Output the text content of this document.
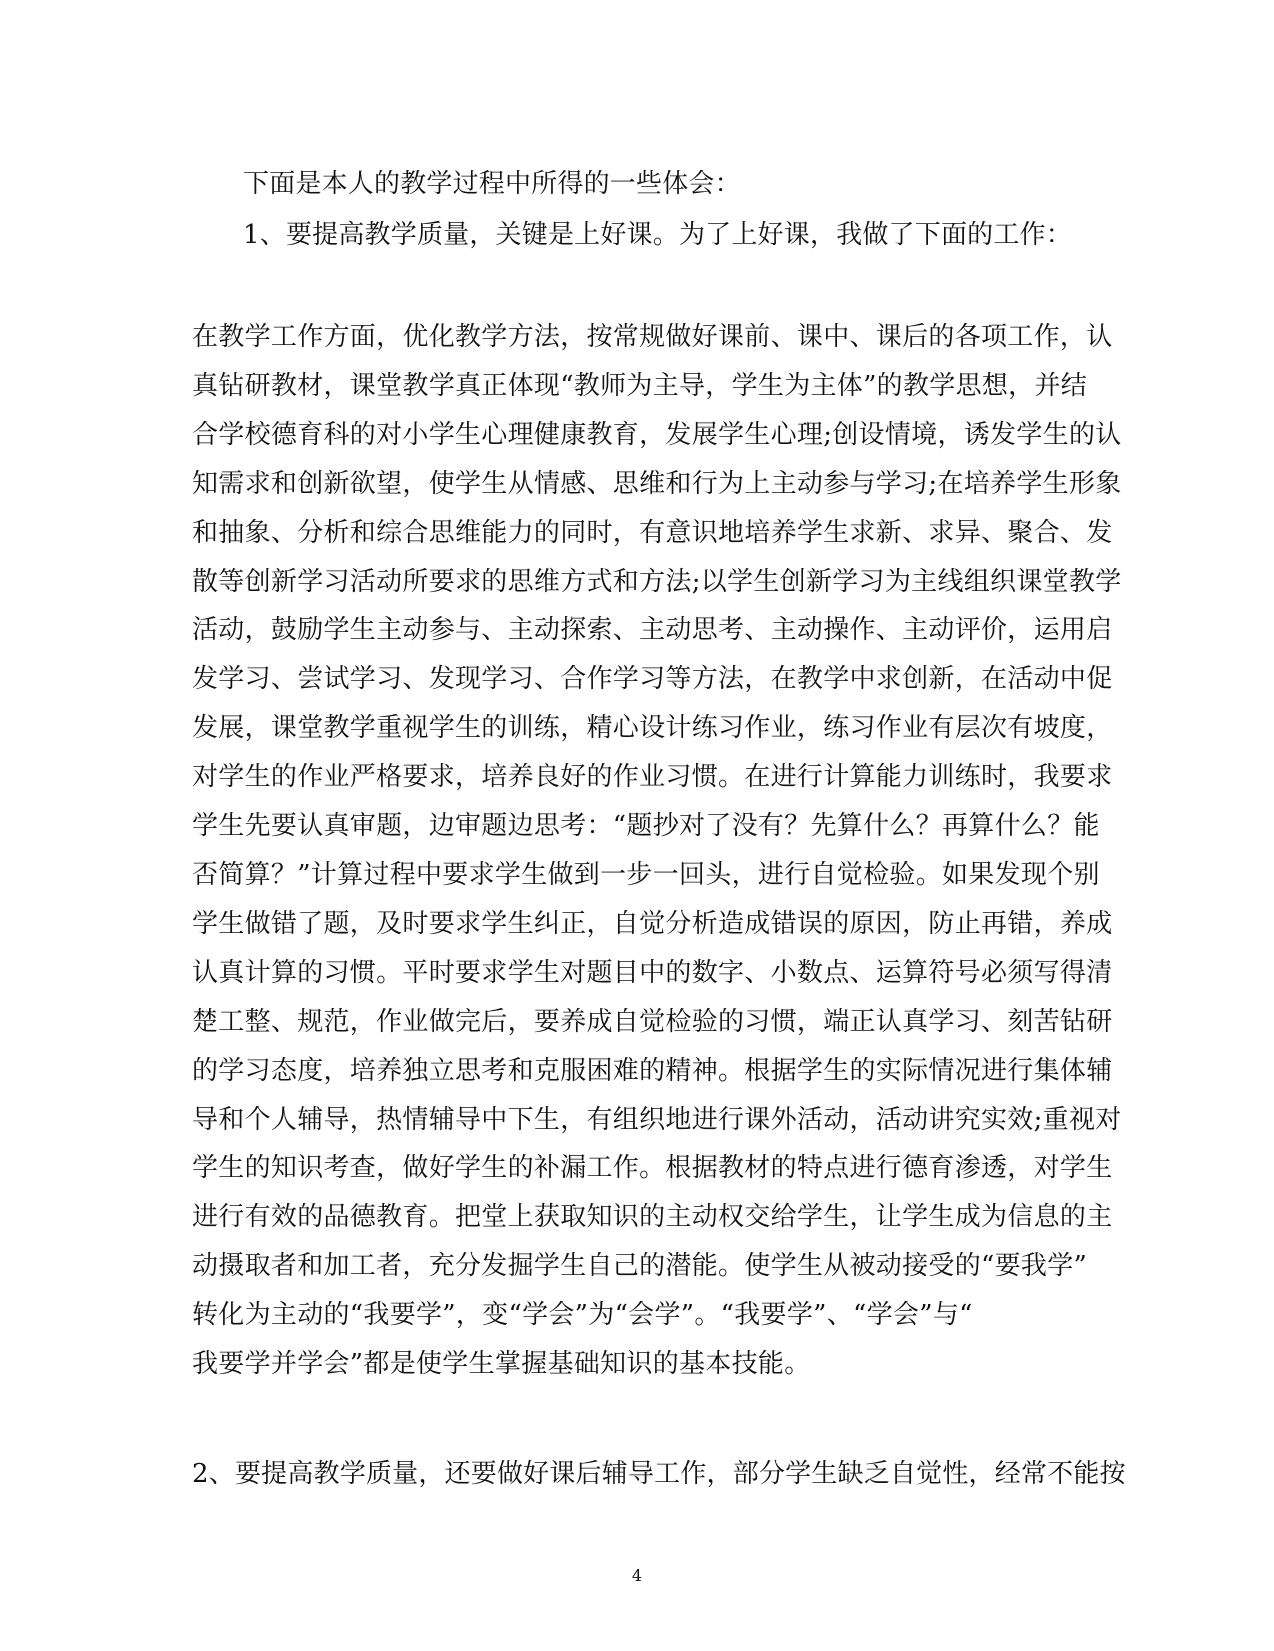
下面是本人的教学过程中所得的一些体会：
1、要提高教学质量，关键是上好课。为了上好课，我做了下面的工作：
在教学工作方面，优化教学方法，按常规做好课前、课中、课后的各项工作，认
真钻研教材，课堂教学真正体现“教师为主导，学生为主体”的教学思想，并结
合学校德育科的对小学生心理健康教育，发展学生心理;创设情境，诱发学生的认
知需求和创新欲望，使学生从情感、思维和行为上主动参与学习;在培养学生形象
和抽象、分析和综合思维能力的同时，有意识地培养学生求新、求异、聚合、发
散等创新学习活动所要求的思维方式和方法;以学生创新学习为主线组织课堂教学
活动，鼓励学生主动参与、主动探索、主动思考、主动操作、主动评价，运用启
发学习、尝试学习、发现学习、合作学习等方法，在教学中求创新，在活动中促
发展，课堂教学重视学生的训练，精心设计练习作业，练习作业有层次有坡度，
对学生的作业严格要求，培养良好的作业习惯。在进行计算能力训练时，我要求
学生先要认真审题，边审题边思考：“题抄对了没有？先算什么？再算什么？能
否简算？”计算过程中要求学生做到一步一回头，进行自觉检验。如果发现个别
学生做错了题，及时要求学生纠正，自觉分析造成错误的原因，防止再错，养成
认真计算的习惯。平时要求学生对题目中的数字、小数点、运算符号必须写得清
楚工整、规范，作业做完后，要养成自觉检验的习惯，端正认真学习、刻苦钻研
的学习态度，培养独立思考和克服困难的精神。根据学生的实际情况进行集体辅
导和个人辅导，热情辅导中下生，有组织地进行课外活动，活动讲究实效;重视对
学生的知识考查，做好学生的补漏工作。根据教材的特点进行德育渗透，对学生
进行有效的品德教育。把堂上获取知识的主动权交给学生，让学生成为信息的主
动摄取者和加工者，充分发掘学生自己的潜能。使学生从被动接受的“要我学”
转化为主动的“我要学”，变“学会”为“会学”。“我要学”、“学会”与“
我要学并学会”都是使学生掌握基础知识的基本技能。
2、要提高教学质量，还要做好课后辅导工作，部分学生缺乏自觉性，经常不能按
4
